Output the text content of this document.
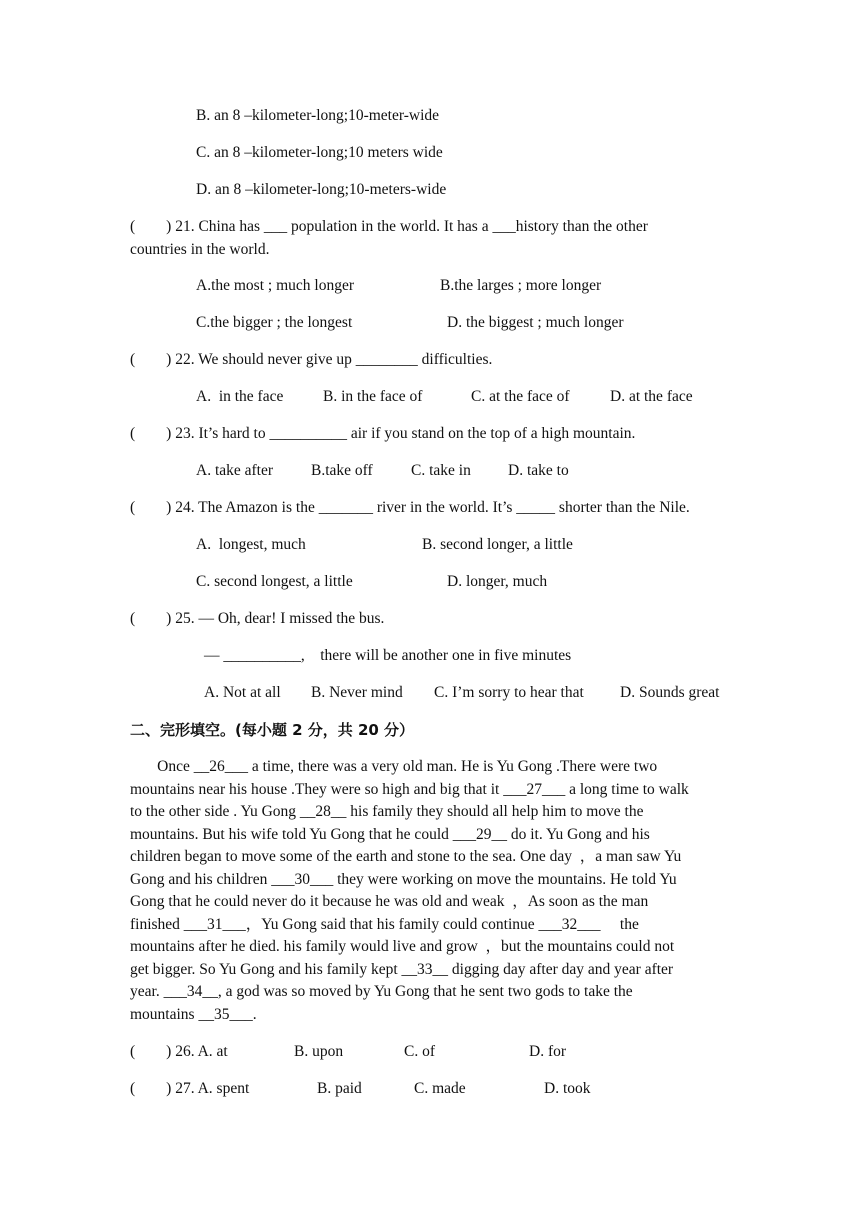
B. an 8 –kilometer-long;10-meter-wide
C. an 8 –kilometer-long;10 meters wide
D. an 8 –kilometer-long;10-meters-wide
(        ) 21. China has ___ population in the world. It has a ___history than the other
countries in the world.

A.the most ; much longer

	B.the larges ; more longer

C.the bigger ; the longest

	D. the biggest ; much longer

(        ) 22. We should never give up ________ difficulties.

A.  in the face

	B. in the face of

	C. at the face of

	D. at the face

(        ) 23. It’s hard to __________ air if you stand on the top of a high mountain.

A. take after

B.take off

C. take in

D. take to

(        ) 24. The Amazon is the _______ river in the world. It’s _____ shorter than the Nile.

A.  longest, much

	B. second longer, a little

C. second longest, a little

	D. longer, much

(        ) 25. — Oh, dear! I missed the bus.
— __________,    there will be another one in five minutes

A. Not at all

B. Never mind

C. I’m sorry to hear that

D. Sounds great

二、完形填空。(每小题 2 分，共 20 分）
Once __26___ a time, there was a very old man. He is Yu Gong .There were two
mountains near his house .They were so high and big that it ___27___ a long time to walk
to the other side . Yu Gong __28__ his family they should all help him to move the
mountains. But his wife told Yu Gong that he could ___29__ do it. Yu Gong and his
children began to move some of the earth and stone to the sea. One day  ，a man saw Yu
Gong and his children ___30___ they were working on move the mountains. He told Yu
Gong that he could never do it because he was old and weak  ，As soon as the man
finished ___31___，Yu Gong said that his family could continue ___32___     the
mountains after he died. his family would live and grow  ，but the mountains could not
get bigger. So Yu Gong and his family kept __33__ digging day after day and year after
year. ___34__, a god was so moved by Yu Gong that he sent two gods to take the
mountains __35___.

(        ) 26. A. at

	B. upon

	C. of

	D. for

(        ) 27. A. spent

	B. paid

	C. made

	D. took
